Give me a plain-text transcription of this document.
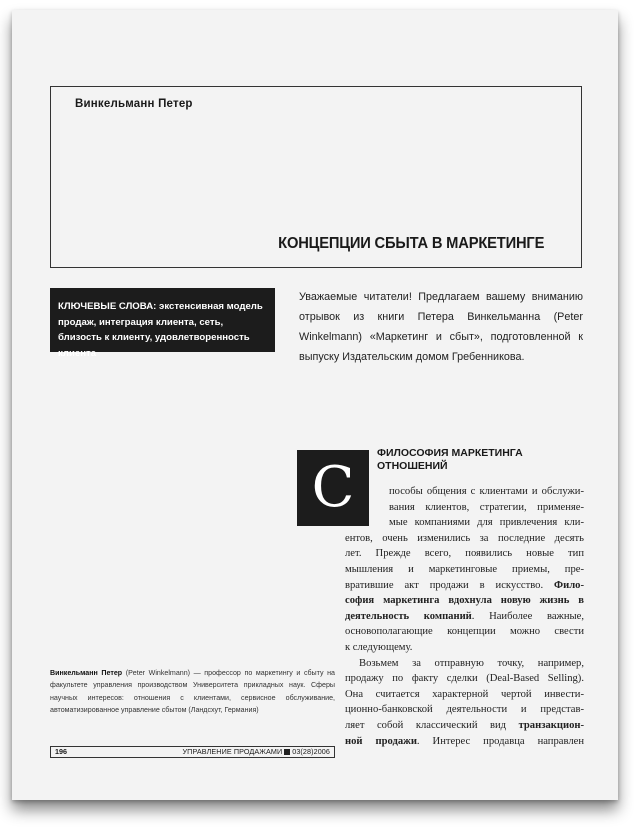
Винкельманн Петер
КОНЦЕПЦИИ СБЫТА В МАРКЕТИНГЕ
КЛЮЧЕВЫЕ СЛОВА: экстенсивная модель продаж, интеграция клиента, сеть, близость к клиенту, удовлетворенность клиента
Уважаемые читатели! Предлагаем вашему вниманию отрывок из книги Петера Винкельманна (Peter Winkelmann) «Маркетинг и сбыт», подготовленной к выпуску Издательским домом Гребенникова.
С
ФИЛОСОФИЯ МАРКЕТИНГА
ОТНОШЕНИЙ
пособы общения с клиентами и обслужи-
вания клиентов, стратегии, применяе-
мые компаниями для привлечения кли-
ентов, очень изменились за последние десять
лет. Прежде всего, появились новые тип
мышления и маркетинговые приемы, пре-
вратившие акт продажи в искусство. Фило-
софия маркетинга вдохнула новую жизнь в
деятельность компаний. Наиболее важные,
основополагающие концепции можно свести
к следующему.
Возьмем за отправную точку, например,
продажу по факту сделки (Deal-Based Selling).
Она считается характерной чертой инвести-
ционно-банковской деятельности и представ-
ляет собой классический вид транзакцион-
ной продажи. Интерес продавца направлен
Винкельманн Петер (Peter Winkelmann) — профессор по маркетингу и сбыту на факультете управления производством Университета прикладных наук. Сферы научных интересов: отношения с клиентами, сервисное обслуживание, автоматизированное управление сбытом (Ландсхут, Германия)
196	УПРАВЛЕНИЕ ПРОДАЖАМИ 03(28)2006
